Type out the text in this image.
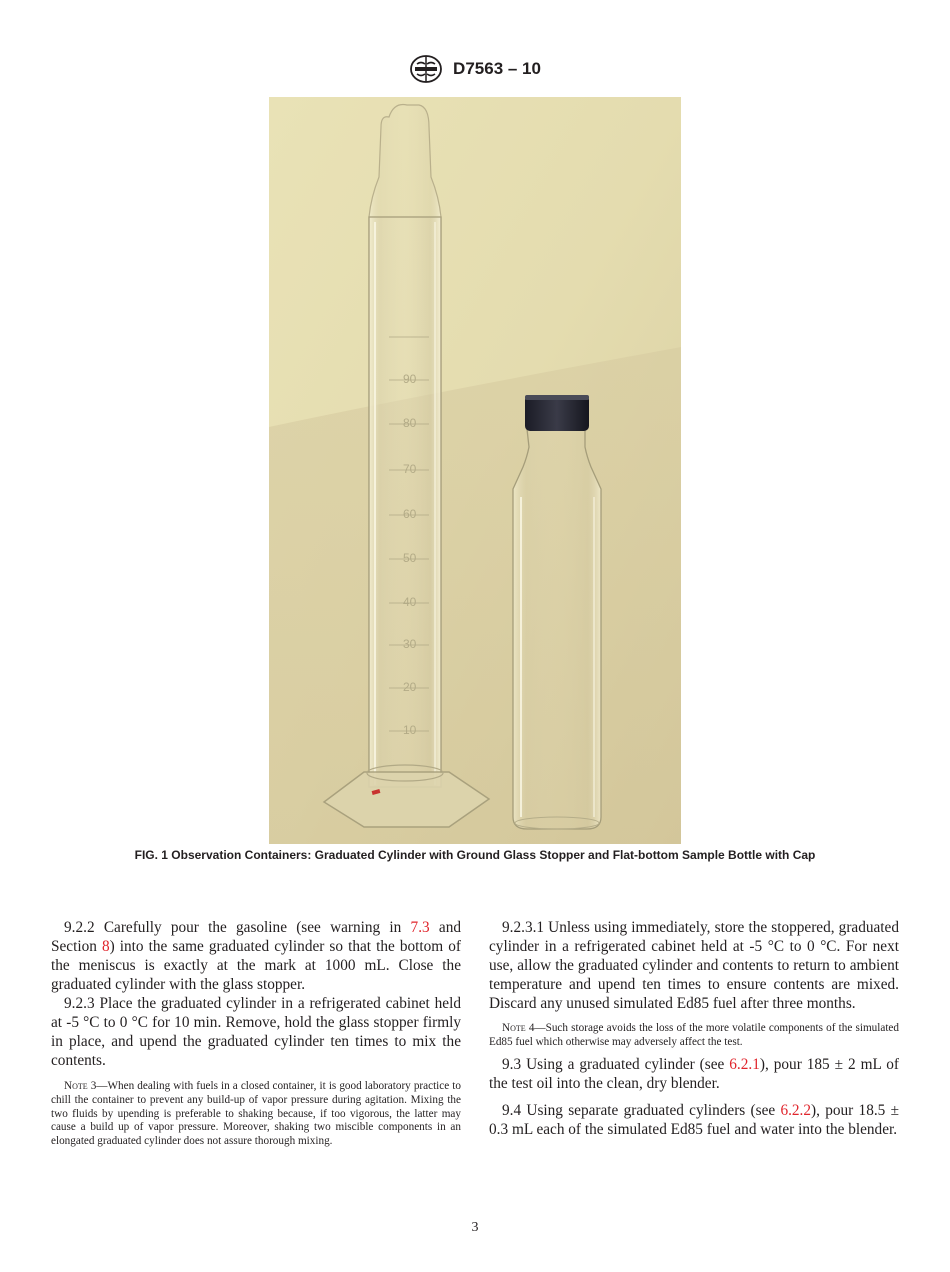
D7563 – 10
90
80
70
60
50
40
30
20
10
FIG. 1 Observation Containers: Graduated Cylinder with Ground Glass Stopper and Flat-bottom Sample Bottle with Cap

9.2.2 Carefully pour the gasoline (see warning in 7.3 and Section 8) into the same graduated cylinder so that the bottom of the meniscus is exactly at the mark at 1000 mL. Close the graduated cylinder with the glass stopper.

9.2.3 Place the graduated cylinder in a refrigerated cabinet held at -5 °C to 0 °C for 10 min. Remove, hold the glass stopper firmly in place, and upend the graduated cylinder ten times to mix the contents.

Note 3—When dealing with fuels in a closed container, it is good laboratory practice to chill the container to prevent any build-up of vapor pressure during agitation. Mixing the two fluids by upending is preferable to shaking because, if too vigorous, the latter may cause a build up of vapor pressure. Moreover, shaking two miscible components in an elongated graduated cylinder does not assure thorough mixing.

9.2.3.1 Unless using immediately, store the stoppered, graduated cylinder in a refrigerated cabinet held at -5 °C to 0 °C. For next use, allow the graduated cylinder and contents to return to ambient temperature and upend ten times to ensure contents are mixed. Discard any unused simulated Ed85 fuel after three months.

Note 4—Such storage avoids the loss of the more volatile components of the simulated Ed85 fuel which otherwise may adversely affect the test.

9.3 Using a graduated cylinder (see 6.2.1), pour 185 ± 2 mL of the test oil into the clean, dry blender.

9.4 Using separate graduated cylinders (see 6.2.2), pour 18.5 ± 0.3 mL each of the simulated Ed85 fuel and water into the blender.

3
